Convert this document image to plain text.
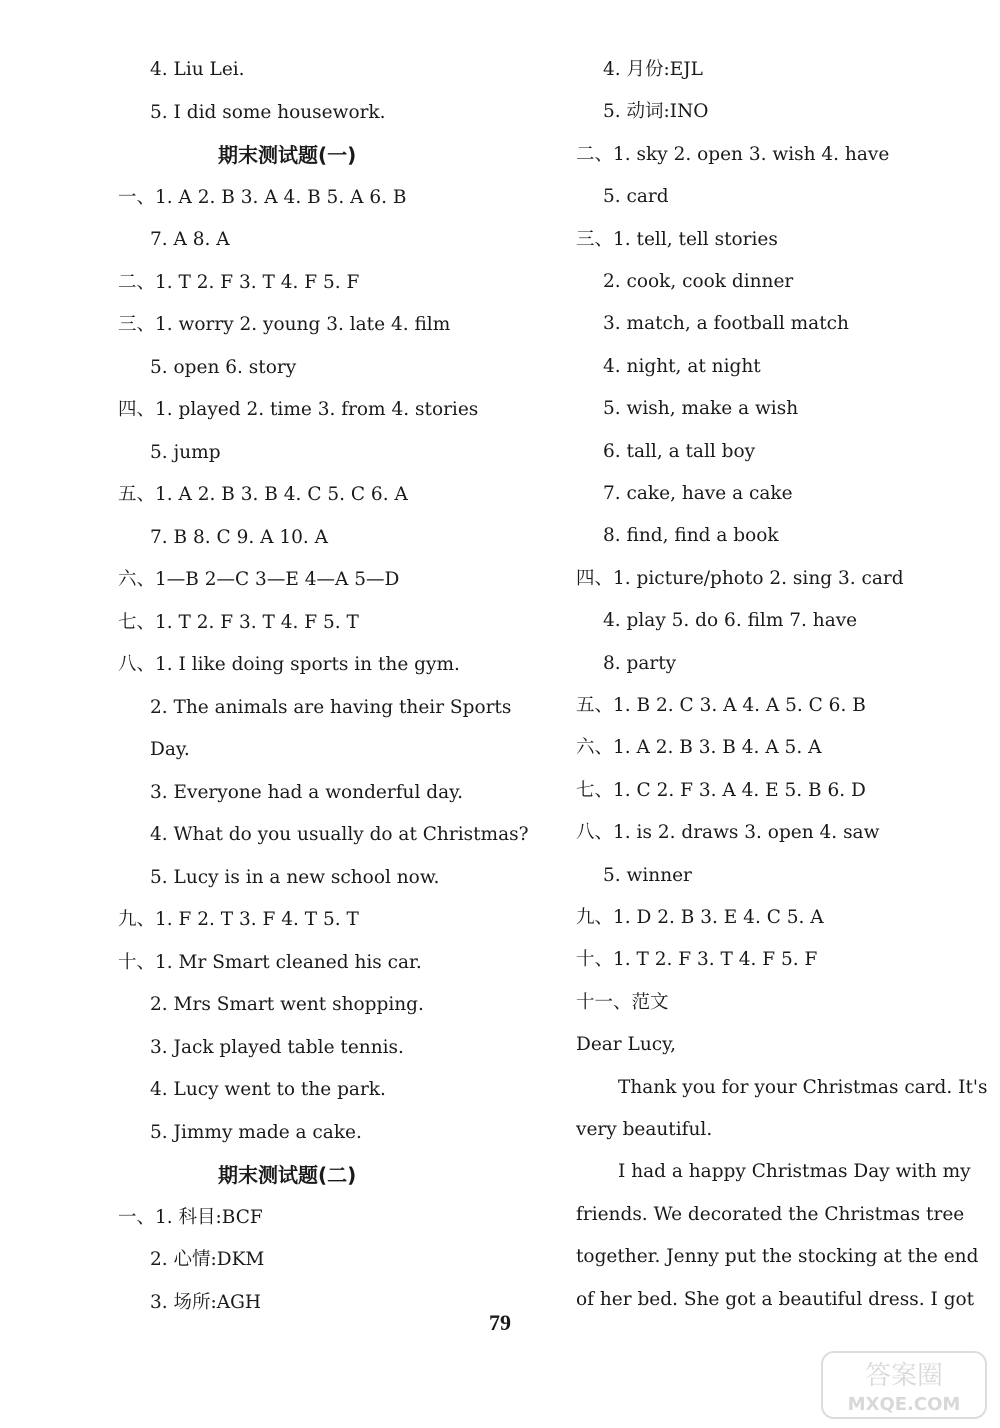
4. Liu Lei.
5. I did some housework.
期末测试题(一)
一、1. A 2. B 3. A 4. B 5. A 6. B
7. A 8. A
二、1. T 2. F 3. T 4. F 5. F
三、1. worry 2. young 3. late 4. film
5. open 6. story
四、1. played 2. time 3. from 4. stories
5. jump
五、1. A 2. B 3. B 4. C 5. C 6. A
7. B 8. C 9. A 10. A
六、1—B 2—C 3—E 4—A 5—D
七、1. T 2. F 3. T 4. F 5. T
八、1. I like doing sports in the gym.
2. The animals are having their Sports
Day.
3. Everyone had a wonderful day.
4. What do you usually do at Christmas?
5. Lucy is in a new school now.
九、1. F 2. T 3. F 4. T 5. T
十、1. Mr Smart cleaned his car.
2. Mrs Smart went shopping.
3. Jack played table tennis.
4. Lucy went to the park.
5. Jimmy made a cake.
期末测试题(二)
一、1. 科目:BCF
2. 心情:DKM
3. 场所:AGH
4. 月份:EJL
5. 动词:INO
二、1. sky 2. open 3. wish 4. have
5. card
三、1. tell, tell stories
2. cook, cook dinner
3. match, a football match
4. night, at night
5. wish, make a wish
6. tall, a tall boy
7. cake, have a cake
8. find, find a book
四、1. picture/photo 2. sing 3. card
4. play 5. do 6. film 7. have
8. party
五、1. B 2. C 3. A 4. A 5. C 6. B
六、1. A 2. B 3. B 4. A 5. A
七、1. C 2. F 3. A 4. E 5. B 6. D
八、1. is 2. draws 3. open 4. saw
5. winner
九、1. D 2. B 3. E 4. C 5. A
十、1. T 2. F 3. T 4. F 5. F
十一、范文
Dear Lucy,
Thank you for your Christmas card. It's
very beautiful.
I had a happy Christmas Day with my
friends. We decorated the Christmas tree
together. Jenny put the stocking at the end
of her bed. She got a beautiful dress. I got
79
答案圈
MXQE.COM
